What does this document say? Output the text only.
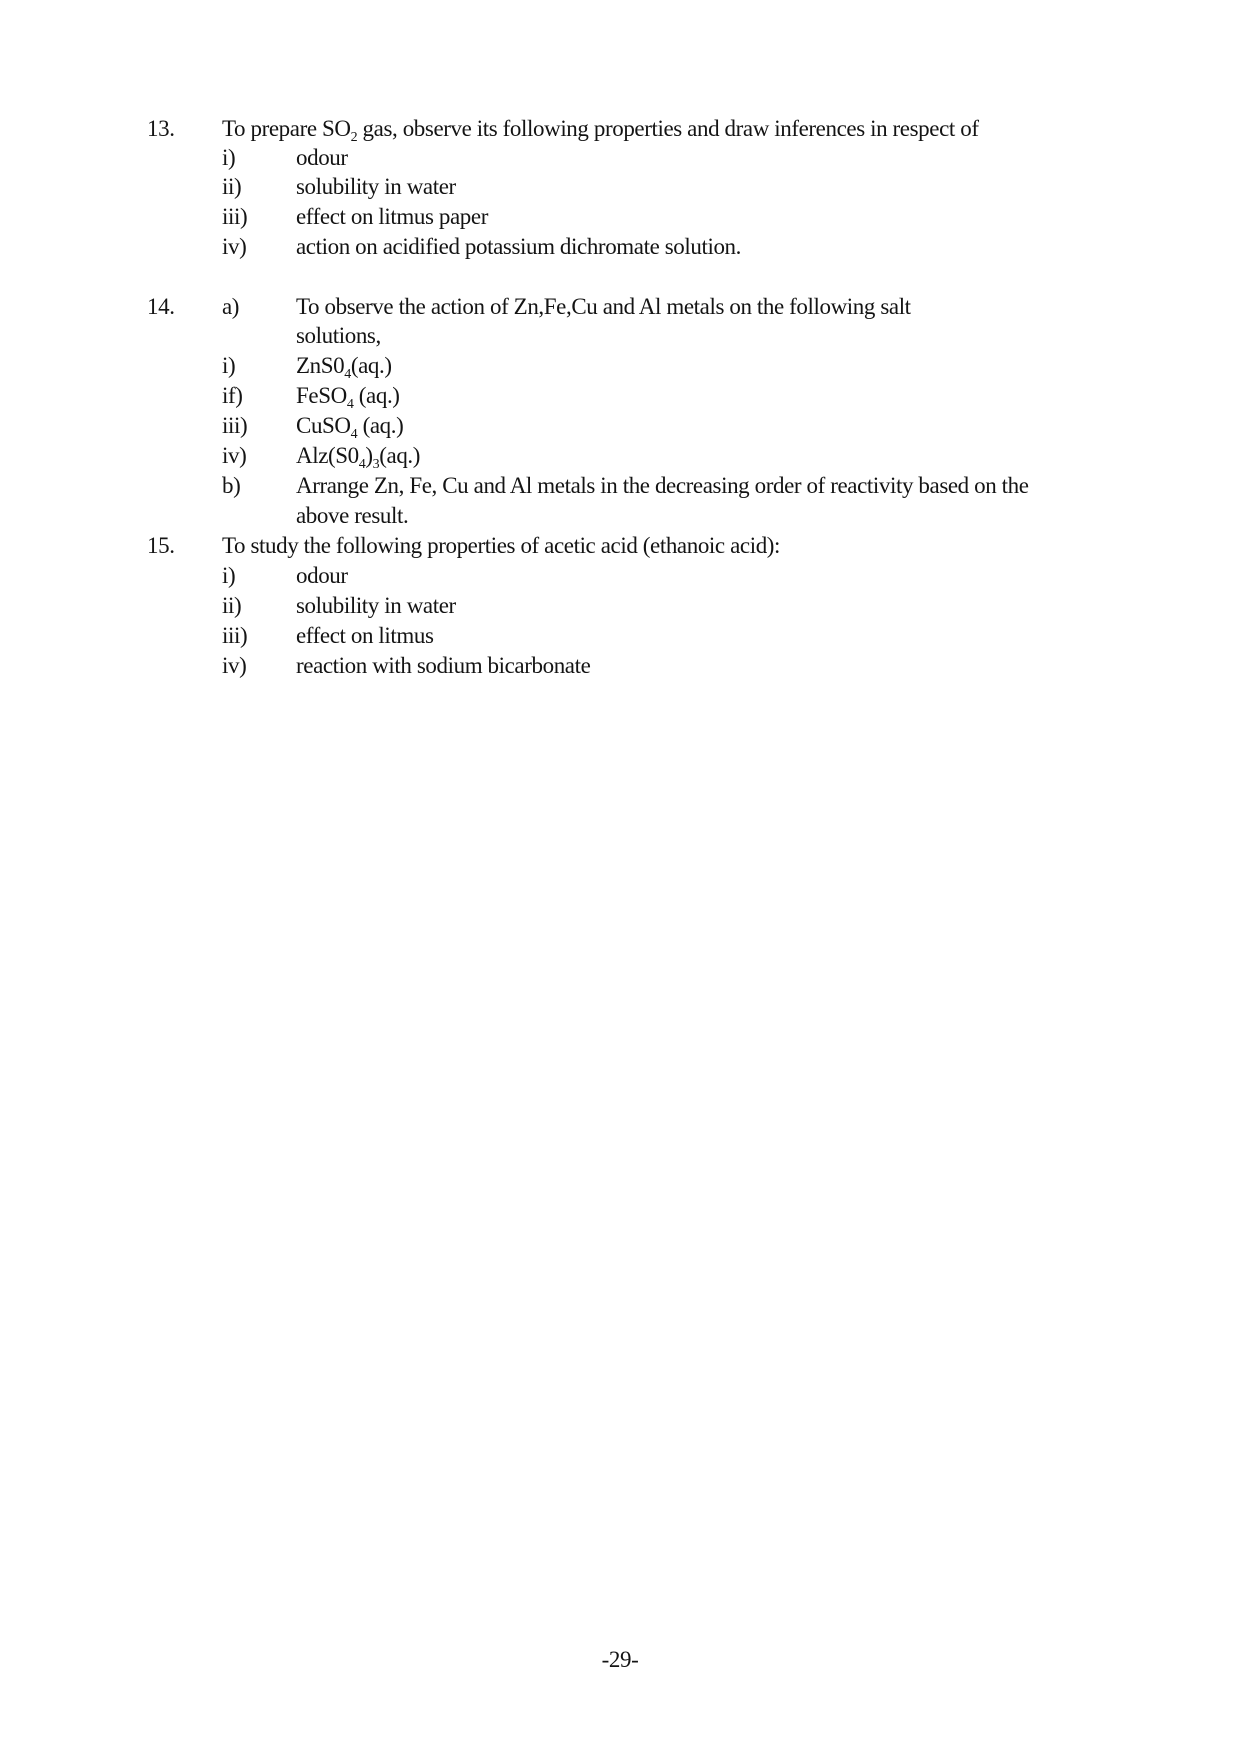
13. To prepare $SO_2$ gas, observe its following properties and draw inferences in respect of
i)	odour
ii) solubility in water
iii) effect on litmus paper
iv) action on acidified potassium dichromate solution.
14. a) To observe the action of Zn,Fe,Cu and Al metals on the following salt
solutions,
i)	$ZnS0_4(aq.)$
if) FeSO$_4$ (aq.)
iii) CuSO$_4$ (aq.)
iv) $Alz(S0_4)_3(aq.)$
b) Arrange Zn, Fe, Cu and Al metals in the decreasing order of reactivity based on the
above result.
15. To study the following properties of acetic acid (ethanoic acid):
i)	odour
ii) solubility in water
iii) effect on litmus
iv) reaction with sodium bicarbonate
-29-
